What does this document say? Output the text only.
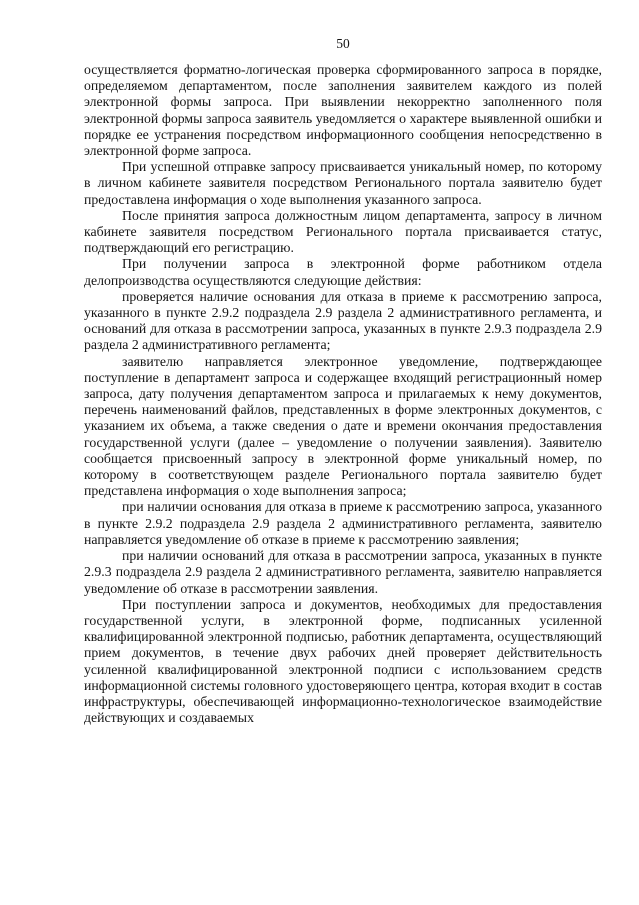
50

осуществляется форматно-логическая проверка сформированного запроса в порядке, определяемом департаментом, после заполнения заявителем каждого из полей электронной формы запроса. При выявлении некорректно заполненного поля электронной формы запроса заявитель уведомляется о характере выявленной ошибки и порядке ее устранения посредством информационного сообщения непосредственно в электронной форме запроса.

При успешной отправке запросу присваивается уникальный номер, по которому в личном кабинете заявителя посредством Регионального портала заявителю будет предоставлена информация о ходе выполнения указанного запроса.

После принятия запроса должностным лицом департамента, запросу в личном кабинете заявителя посредством Регионального портала присваивается статус, подтверждающий его регистрацию.

При получении запроса в электронной форме работником отдела делопроизводства осуществляются следующие действия:

проверяется наличие основания для отказа в приеме к рассмотрению запроса, указанного в пункте 2.9.2 подраздела 2.9 раздела 2 административного регламента, и оснований для отказа в рассмотрении запроса, указанных в пункте 2.9.3 подраздела 2.9 раздела 2 административного регламента;

заявителю направляется электронное уведомление, подтверждающее поступление в департамент запроса и содержащее входящий регистрационный номер запроса, дату получения департаментом запроса и прилагаемых к нему документов, перечень наименований файлов, представленных в форме электронных документов, с указанием их объема, а также сведения о дате и времени окончания предоставления государственной услуги (далее – уведомление о получении заявления). Заявителю сообщается присвоенный запросу в электронной форме уникальный номер, по которому в соответствующем разделе Регионального портала заявителю будет представлена информация о ходе выполнения запроса;

при наличии основания для отказа в приеме к рассмотрению запроса, указанного в пункте 2.9.2 подраздела 2.9 раздела 2 административного регламента, заявителю направляется уведомление об отказе в приеме к рассмотрению заявления;

при наличии оснований для отказа в рассмотрении запроса, указанных в пункте 2.9.3 подраздела 2.9 раздела 2 административного регламента, заявителю направляется уведомление об отказе в рассмотрении заявления.

При поступлении запроса и документов, необходимых для предоставления государственной услуги, в электронной форме, подписанных усиленной квалифицированной электронной подписью, работник департамента, осуществляющий прием документов, в течение двух рабочих дней проверяет действительность усиленной квалифицированной электронной подписи с использованием средств информационной системы головного удостоверяющего центра, которая входит в состав инфраструктуры, обеспечивающей информационно-технологическое взаимодействие действующих и создаваемых
